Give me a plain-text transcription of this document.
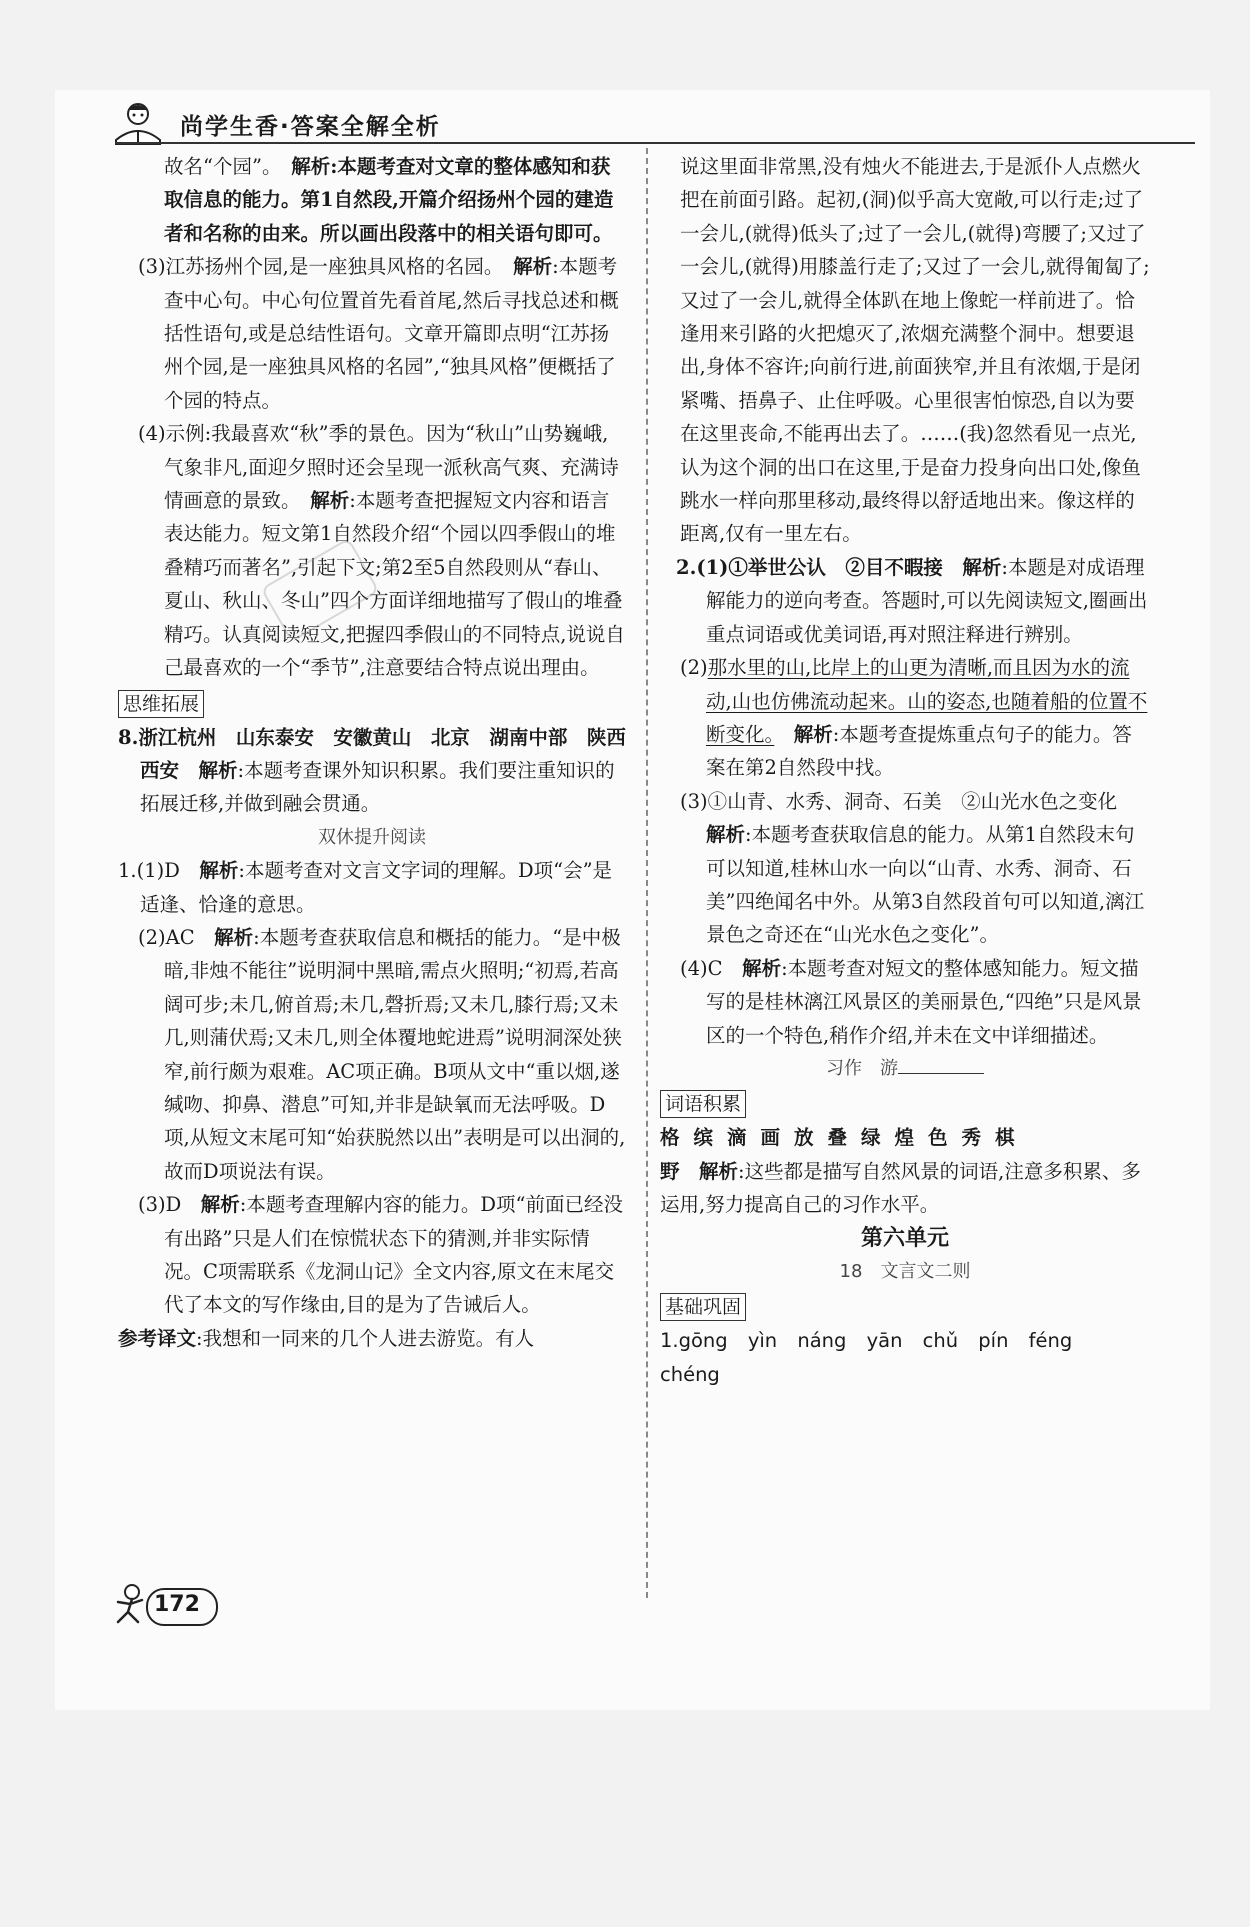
尚学生香·答案全解全析

故名“个园”。　 解析:本题考查对文章的整体感知和获取信息的能力。第1自然段,开篇介绍扬州个园的建造者和名称的由来。所以画出段落中的相关语句即可。

(3)江苏扬州个园,是一座独具风格的名园。　 解析:本题考查中心句。中心句位置首先看首尾,然后寻找总述和概括性语句,或是总结性语句。文章开篇即点明“江苏扬州个园,是一座独具风格的名园”,“独具风格”便概括了个园的特点。

(4)示例:我最喜欢“秋”季的景色。因为“秋山”山势巍峨,气象非凡,面迎夕照时还会呈现一派秋高气爽、充满诗情画意的景致。　 解析:本题考查把握短文内容和语言表达能力。短文第1自然段介绍“个园以四季假山的堆叠精巧而著名”,引起下文;第2至5自然段则从“春山、夏山、秋山、冬山”四个方面详细地描写了假山的堆叠精巧。认真阅读短文,把握四季假山的不同特点,说说自己最喜欢的一个“季节”,注意要结合特点说出理由。

思维拓展

8.浙江杭州　山东泰安　安徽黄山　北京　湖南中部　陕西西安　 解析:本题考查课外知识积累。我们要注重知识的拓展迁移,并做到融会贯通。

双休提升阅读

1.(1)D　 解析:本题考查对文言文字词的理解。D项“会”是适逢、恰逢的意思。

(2)AC　 解析:本题考查获取信息和概括的能力。“是中极暗,非烛不能往”说明洞中黑暗,需点火照明;“初焉,若高阔可步;未几,俯首焉;未几,磬折焉;又未几,膝行焉;又未几,则蒲伏焉;又未几,则全体覆地蛇进焉”说明洞深处狭窄,前行颇为艰难。AC项正确。B项从文中“重以烟,遂缄吻、抑鼻、潜息”可知,并非是缺氧而无法呼吸。D项,从短文末尾可知“始获脱然以出”表明是可以出洞的,故而D项说法有误。

(3)D　 解析:本题考查理解内容的能力。D项“前面已经没有出路”只是人们在惊慌状态下的猜测,并非实际情况。C项需联系《龙洞山记》全文内容,原文在末尾交代了本文的写作缘由,目的是为了告诫后人。

参考译文:我想和一同来的几个人进去游览。有人

说这里面非常黑,没有烛火不能进去,于是派仆人点燃火把在前面引路。起初,(洞)似乎高大宽敞,可以行走;过了一会儿,(就得)低头了;过了一会儿,(就得)弯腰了;又过了一会儿,(就得)用膝盖行走了;又过了一会儿,就得匍匐了;又过了一会儿,就得全体趴在地上像蛇一样前进了。恰逢用来引路的火把熄灭了,浓烟充满整个洞中。想要退出,身体不容许;向前行进,前面狭窄,并且有浓烟,于是闭紧嘴、捂鼻子、止住呼吸。心里很害怕惊恐,自以为要在这里丧命,不能再出去了。……(我)忽然看见一点光,认为这个洞的出口在这里,于是奋力投身向出口处,像鱼跳水一样向那里移动,最终得以舒适地出来。像这样的距离,仅有一里左右。

2.(1)①举世公认　②目不暇接　 解析:本题是对成语理解能力的逆向考查。答题时,可以先阅读短文,圈画出重点词语或优美词语,再对照注释进行辨别。

(2)那水里的山,比岸上的山更为清晰,而且因为水的流动,山也仿佛流动起来。山的姿态,也随着船的位置不断变化。　 解析:本题考查提炼重点句子的能力。答案在第2自然段中找。

(3)①山青、水秀、洞奇、石美　②山光水色之变化
解析:本题考查获取信息的能力。从第1自然段末句可以知道,桂林山水一向以“山青、水秀、洞奇、石美”四绝闻名中外。从第3自然段首句可以知道,漓江景色之奇还在“山光水色之变化”。

(4)C　 解析:本题考查对短文的整体感知能力。短文描写的是桂林漓江风景区的美丽景色,“四绝”只是风景区的一个特色,稍作介绍,并未在文中详细描述。

习作　游

词语积累

格缤滴画放叠绿煌色秀棋

野　 解析:这些都是描写自然风景的词语,注意多积累、多运用,努力提高自己的习作水平。

第六单元

18　文言文二则

基础巩固

1.gōng yìn náng yān chǔ pín féng chéng

172
